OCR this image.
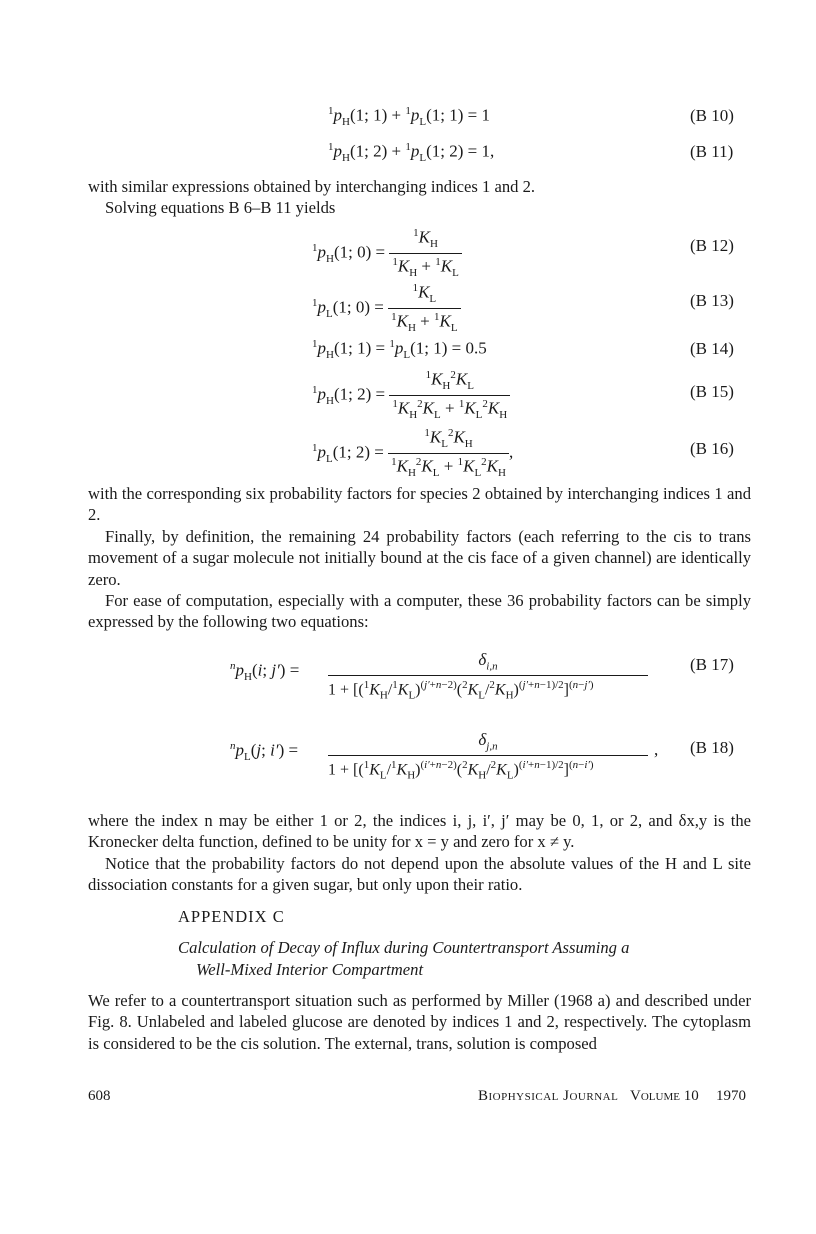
$^1p_H(1$; $1) + ^1p_L(1$; 1) = 1	(B 10)
$^1p_H(1$; $2) + ^1p_L(1$; 2) = 1,	(B 11)
with similar expressions obtained by interchanging indices 1 and 2.
Solving equations B 6–B 11 yields
$^1p_H(1$; $0) = \frac{^1K_H}{^1K_H + ^1K_L}$	(B 12)
$^1p_L(1$; $0) = \frac{^1K_L}{^1K_H + ^1K_L}$	(B 13)
$^1p_H(1$; $1) = ^1p_L(1$; 1) = 0.5	(B 14)
$^1p_H(1$; $2) = \frac{^1K_H^2K_L}{^1K_H^2K_L + ^1K_L^2K_H}$	(B 15)
$^1p_L(1$; $2) = \frac{^1K_L^2K_H}{^1K_H^2K_L + ^1K_L^2K_H}$ ,	(B 16)
with the corresponding six probability factors for species 2 obtained by interchanging indices 1 and 2.
Finally, by definition, the remaining 24 probability factors (each referring to the cis to trans movement of a sugar molecule not initially bound at the cis face of a given channel) are identically zero.
For ease of computation, especially with a computer, these 36 probability factors can be simply expressed by the following two equations:
$^np_H(i$; j′) =
$\delta_{i,n}$
$1 + [(^1K_H/^1K_L)^{(j'+n-2)}(^2K_L/^2K_H)^{(j'+n-1)/2}]^{(n-j')}$
(B 17)
$^np_L(j$; i′) =
$\delta_{j,n}$
$1 + [(^1K_L/^1K_H)^{(i'+n-2)}(^2K_H/^2K_L)^{(i'+n-1)/2}]^{(n-i')}$
, (B 18)
where the index n may be either 1 or 2, the indices i, j, i′, j′ may be 0, 1, or 2, and δx,y is the Kronecker delta function, defined to be unity for x = y and zero for x ≠ y.
Notice that the probability factors do not depend upon the absolute values of the H and L site dissociation constants for a given sugar, but only upon their ratio.
APPENDIX C
Calculation of Decay of Influx during Countertransport Assuming a
Well-Mixed Interior Compartment
We refer to a countertransport situation such as performed by Miller (1968 a) and described under Fig. 8. Unlabeled and labeled glucose are denoted by indices 1 and 2, respectively. The cytoplasm is considered to be the cis solution. The external, trans, solution is composed
608	Biophysical Journal Volume 10 1970
